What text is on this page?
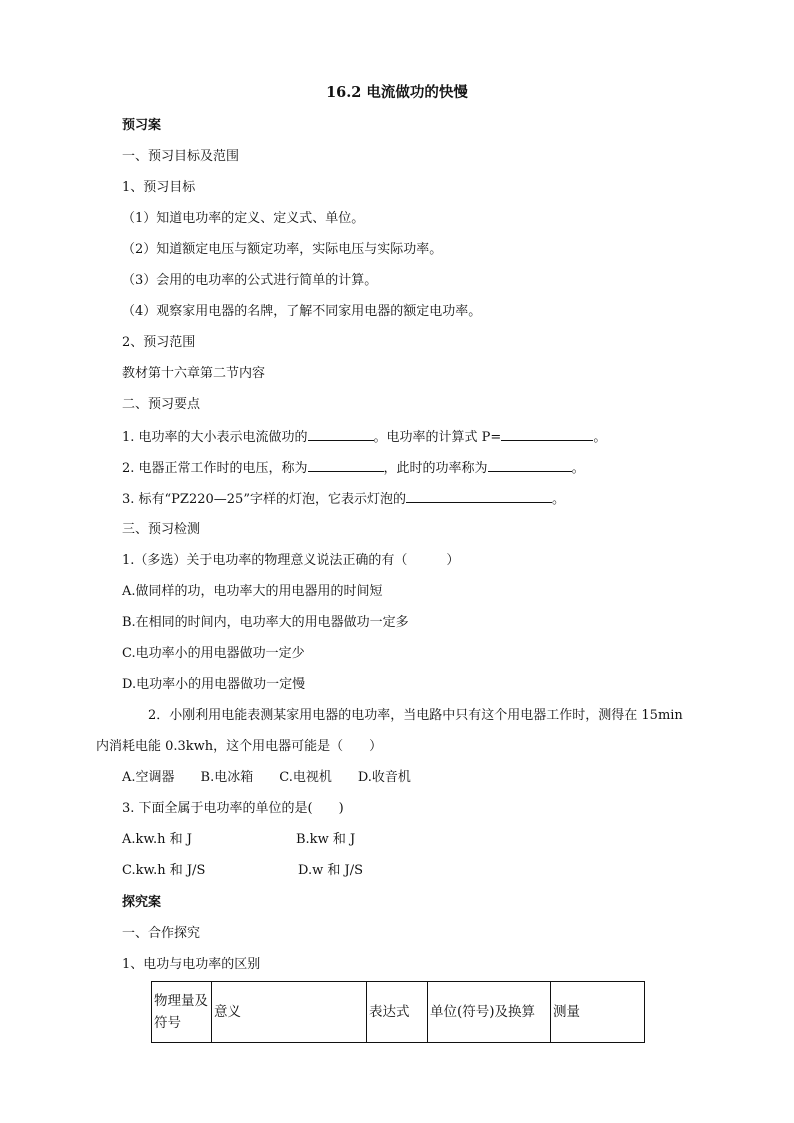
16.2 电流做功的快慢
预习案
一、预习目标及范围
1、预习目标
（1）知道电功率的定义、定义式、单位。
（2）知道额定电压与额定功率，实际电压与实际功率。
（3）会用的电功率的公式进行简单的计算。
（4）观察家用电器的名牌，了解不同家用电器的额定电功率。
2、预习范围
教材第十六章第二节内容
二、预习要点
1. 电功率的大小表示电流做功的	。电功率的计算式 P=	。
2. 电器正常工作时的电压，称为	，此时的功率称为	。
3. 标有“PZ220—25”字样的灯泡，它表示灯泡的	。
三、预习检测
1.（多选）关于电功率的物理意义说法正确的有（　　　）
A.做同样的功，电功率大的用电器用的时间短
B.在相同的时间内，电功率大的用电器做功一定多
C.电功率小的用电器做功一定少
D.电功率小的用电器做功一定慢
2．小刚利用电能表测某家用电器的电功率，当电路中只有这个用电器工作时，测得在 15min
内消耗电能 0.3kwh，这个用电器可能是（　　）
A.空调器　　B.电冰箱　　C.电视机　　D.收音机
3. 下面全属于电功率的单位的是(　　)
A.kw.h 和 J	B.kw 和 J
C.kw.h 和 J/S	D.w 和 J/S
探究案
一、合作探究
1、电功与电功率的区别
物理量及符号	意义	表达式	单位(符号)及换算	测量
